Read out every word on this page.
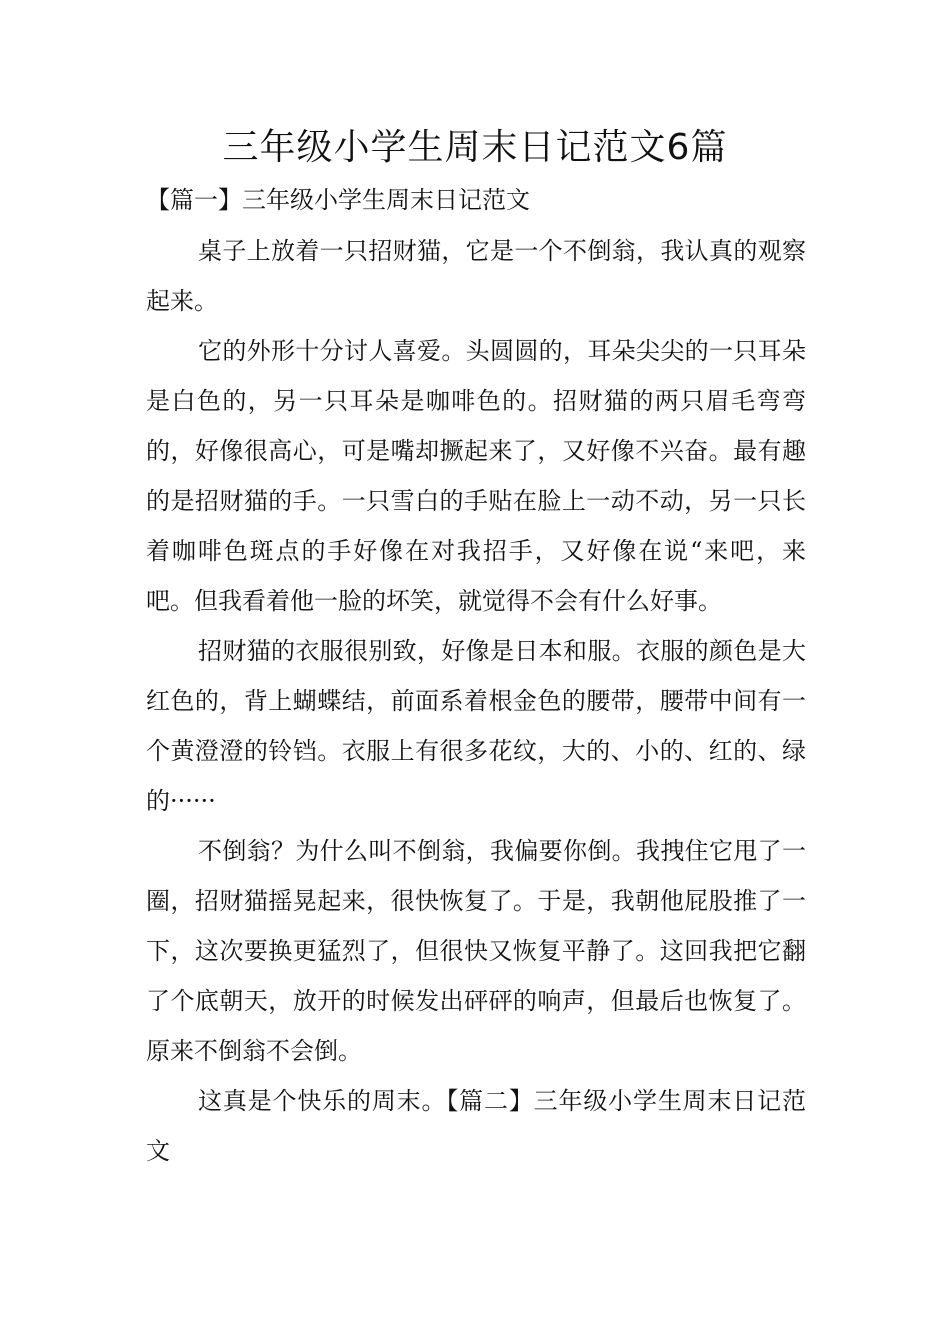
三年级小学生周末日记范文6篇
【篇一】三年级小学生周末日记范文

桌子上放着一只招财猫，它是一个不倒翁，我认真的观察起来。

它的外形十分讨人喜爱。头圆圆的，耳朵尖尖的一只耳朵是白色的，另一只耳朵是咖啡色的。招财猫的两只眉毛弯弯的，好像很高心，可是嘴却撅起来了，又好像不兴奋。最有趣的是招财猫的手。一只雪白的手贴在脸上一动不动，另一只长着咖啡色斑点的手好像在对我招手，又好像在说“来吧，来吧。但我看着他一脸的坏笑，就觉得不会有什么好事。

招财猫的衣服很别致，好像是日本和服。衣服的颜色是大红色的，背上蝴蝶结，前面系着根金色的腰带，腰带中间有一个黄澄澄的铃铛。衣服上有很多花纹，大的、小的、红的、绿的······

不倒翁？为什么叫不倒翁，我偏要你倒。我拽住它甩了一圈，招财猫摇晃起来，很快恢复了。于是，我朝他屁股推了一下，这次要换更猛烈了，但很快又恢复平静了。这回我把它翻了个底朝天，放开的时候发出砰砰的响声，但最后也恢复了。原来不倒翁不会倒。

这真是个快乐的周末。【篇二】三年级小学生周末日记范文
